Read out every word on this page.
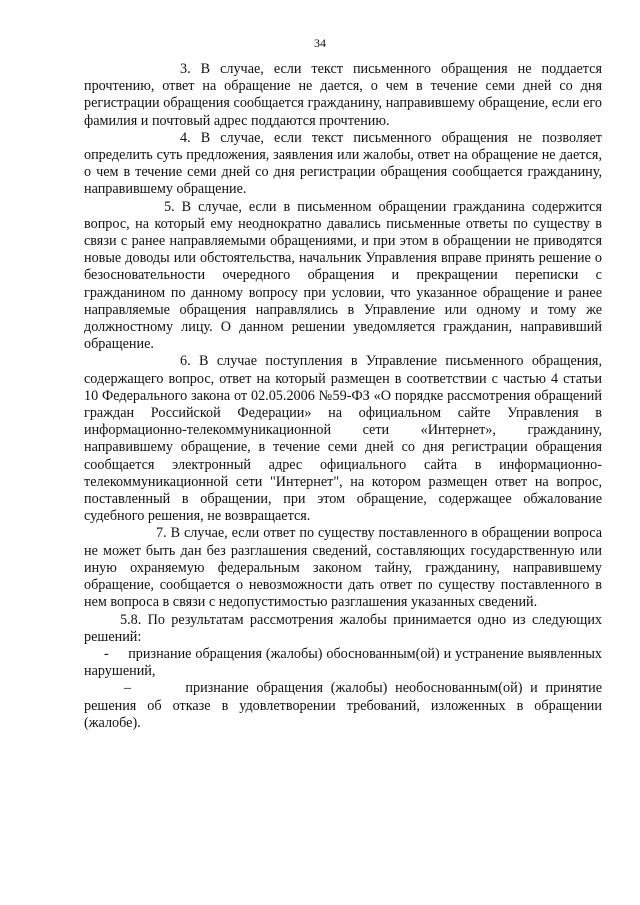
34

3. В случае, если текст письменного обращения не поддается прочтению, ответ на обращение не дается, о чем в течение семи дней со дня регистрации обращения сообщается гражданину, направившему обращение, если его фамилия и почтовый адрес поддаются прочтению.

4. В случае, если текст письменного обращения не позволяет определить суть предложения, заявления или жалобы, ответ на обращение не дается, о чем в течение семи дней со дня регистрации обращения сообщается гражданину, направившему обращение.

5. В случае, если в письменном обращении гражданина содержится вопрос, на который ему неоднократно давались письменные ответы по существу в связи с ранее направляемыми обращениями, и при этом в обращении не приводятся новые доводы или обстоятельства, начальник Управления вправе принять решение о безосновательности очередного обращения и прекращении переписки с гражданином по данному вопросу при условии, что указанное обращение и ранее направляемые обращения направлялись в Управление или одному и тому же должностному лицу. О данном решении уведомляется гражданин, направивший обращение.

6. В случае поступления в Управление письменного обращения, содержащего вопрос, ответ на который размещен в соответствии с частью 4 статьи 10 Федерального закона от 02.05.2006 №59-ФЗ «О порядке рассмотрения обращений граждан Российской Федерации» на официальном сайте Управления в информационно-телекоммуникационной сети «Интернет», гражданину, направившему обращение, в течение семи дней со дня регистрации обращения сообщается электронный адрес официального сайта в информационно-телекоммуникационной сети "Интернет", на котором размещен ответ на вопрос, поставленный в обращении, при этом обращение, содержащее обжалование судебного решения, не возвращается.

7. В случае, если ответ по существу поставленного в обращении вопроса не может быть дан без разглашения сведений, составляющих государственную или иную охраняемую федеральным законом тайну, гражданину, направившему обращение, сообщается о невозможности дать ответ по существу поставленного в нем вопроса в связи с недопустимостью разглашения указанных сведений.

5.8. По результатам рассмотрения жалобы принимается одно из следующих решений:

- признание обращения (жалобы) обоснованным(ой) и устранение выявленных нарушений,

–	признание обращения (жалобы) необоснованным(ой) и принятие решения об отказе в удовлетворении требований, изложенных в обращении (жалобе).
